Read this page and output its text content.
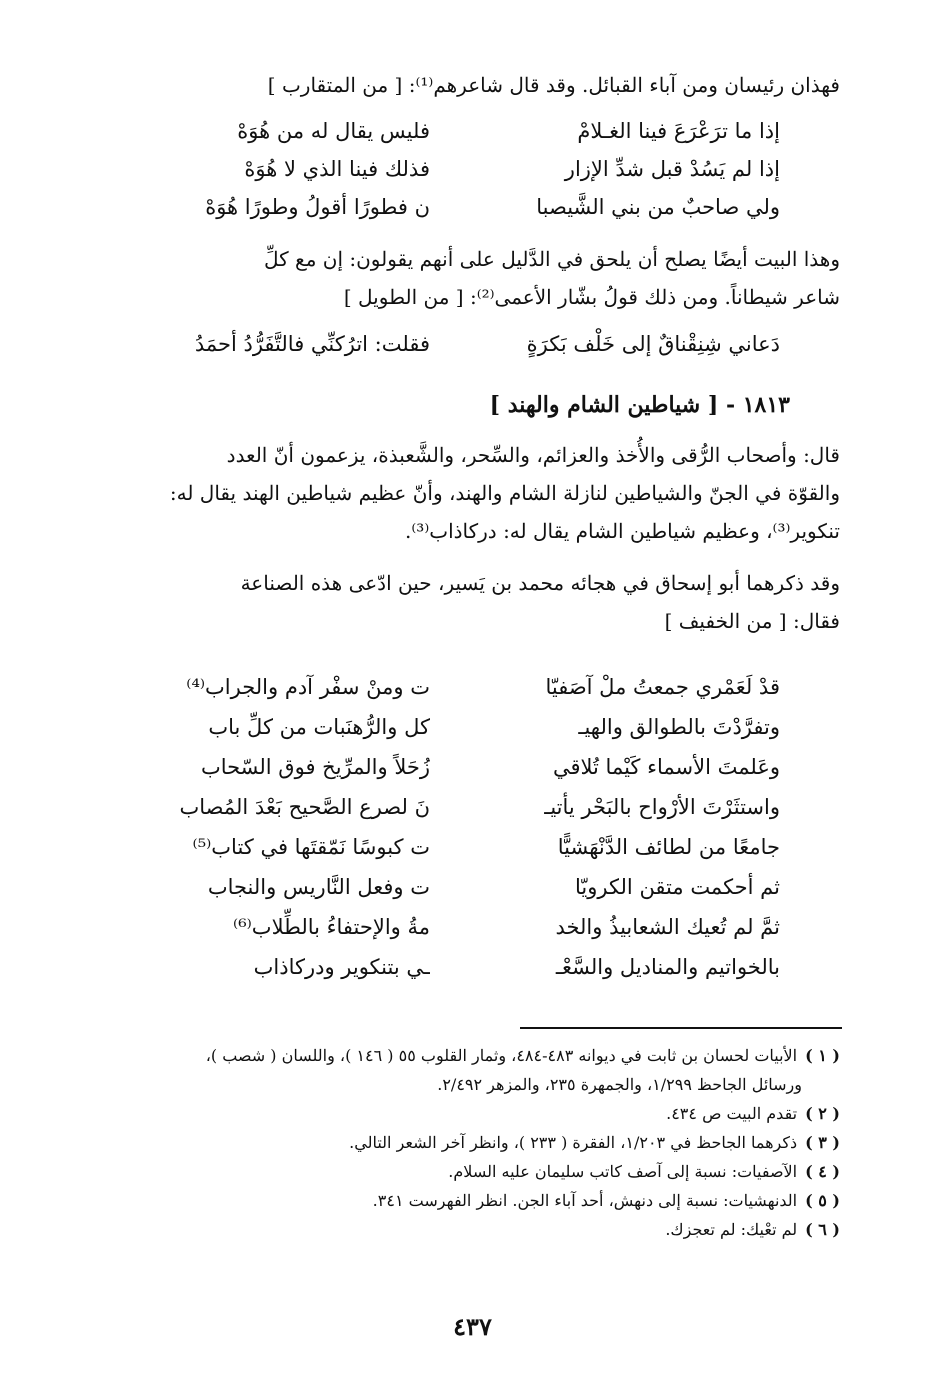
فهذان رئيسان ومن آباء القبائل. وقد قال شاعرهم⁽¹⁾: [ من المتقارب ]
إذا ما ترَعْرَعَ فينا الغـلامْ
فليس يقال له من هُوَهْ
إذا لم يَسُدْ قبل شدِّ الإزار
فذلك فينا الذي لا هُوَهْ
ولي صاحبٌ من بني الشَّيصبا
ن فطورًا أقولُ وطورًا هُوَهْ
وهذا البيت أيضًا يصلح أن يلحق في الدَّليل على أنهم يقولون: إن مع كلِّ
شاعر شيطاناً. ومن ذلك قولُ بشّار الأعمى⁽²⁾: [ من الطويل ]
دَعاني شِنِقْناقٌ إلى خَلْف بَكرَةٍ
فقلت: اترُكنِّي فالتَّفَرُّدُ أحمَدُ
١٨١٣ - [ شياطين الشام والهند ]
قال: وأصحاب الرُّقى والأُخذ والعزائم، والسِّحر، والشَّعبذة، يزعمون أنّ العدد
والقوّة في الجنّ والشياطين لنازلة الشام والهند، وأنّ عظيم شياطين الهند يقال له:
تنكوير⁽³⁾، وعظيم شياطين الشام يقال له: دركاذاب⁽³⁾.
وقد ذكرهما أبو إسحاق في هجائه محمد بن يَسير، حين ادّعى هذه الصناعة
فقال: [ من الخفيف ]
قدْ لَعَمْري جمعتُ ملْ آصَفيّا
ت ومنْ سفْر آدم والجراب⁽⁴⁾
وتفرَّدْتَ بالطوالق والهيـ
كل والرُّهنَبات من كلِّ باب
وعَلمتَ الأسماء كَيْما تُلاقي
زُحَلاً والمرِّيخ فوق السّحاب
واستثَرْتَ الأرْواح بالبَحْر يأتيـ
نَ لصرع الصَّحيح بَعْدَ المُصاب
جامعًا من لطائف الدَّنْهَشيًّا
ت كبوسًا نَمّقتَها في كتاب⁽⁵⁾
ثم أحكمت متقن الكرويّا
ت وفعل النَّاريس والنجاب
ثمَّ لم تُعيك الشعابيذُ والخد
مةُ والإحتفاءُ بالطِّلاب⁽⁶⁾
بالخواتيم والمناديل والسَّعْـ
ـي بتنكوير ودركاذاب
( ١ )الأبيات لحسان بن ثابت في ديوانه ٤٨٣-٤٨٤، وثمار القلوب ٥٥ ( ١٤٦ )، واللسان ( شصب )،
ورسائل الجاحظ ١/٢٩٩، والجمهرة ٢٣٥، والمزهر ٢/٤٩٢.
( ٢ )تقدم البيت ص ٤٣٤.
( ٣ )ذكرهما الجاحظ في ١/٢٠٣، الفقرة ( ٢٣٣ )، وانظر آخر الشعر التالي.
( ٤ )الآصفيات: نسبة إلى آصف كاتب سليمان عليه السلام.
( ٥ )الدنهشيات: نسبة إلى دنهش، أحد آباء الجن. انظر الفهرست ٣٤١.
( ٦ )لم تعْيك: لم تعجزك.
٤٣٧
